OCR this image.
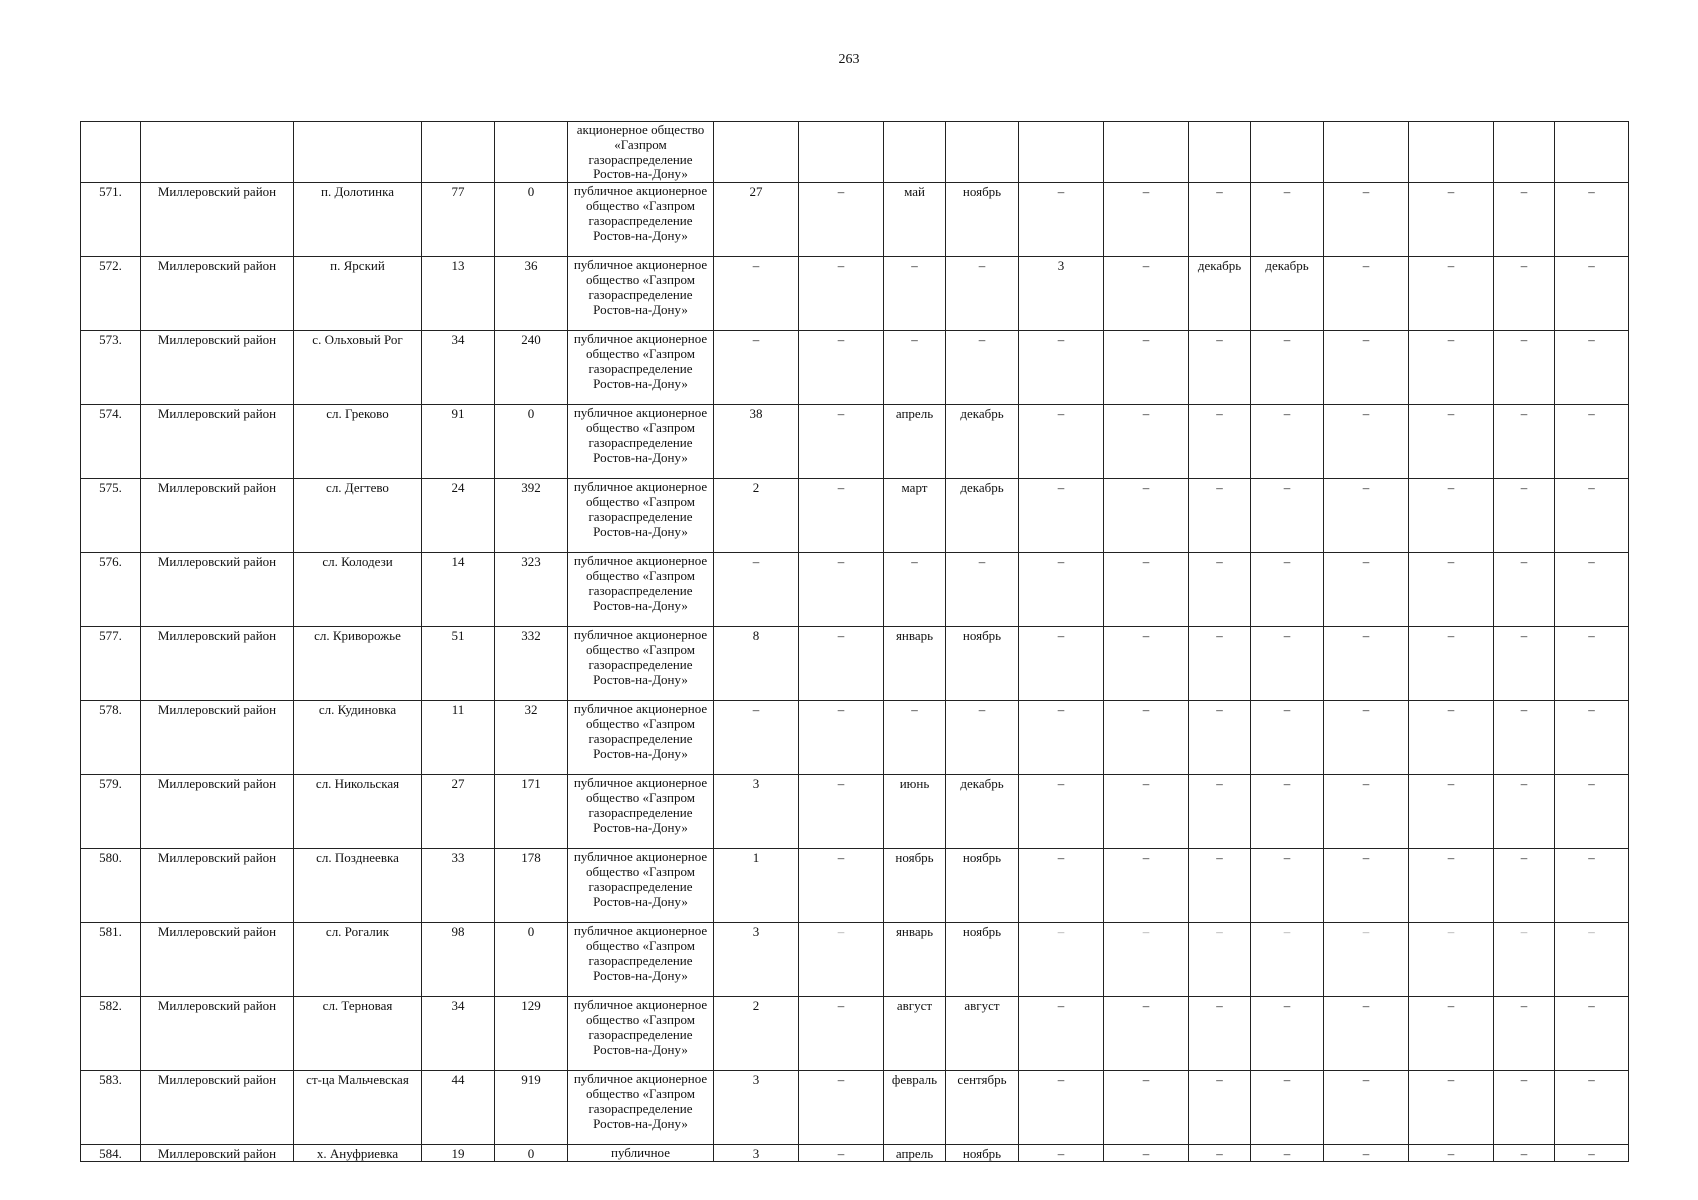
263
					акционерное общество «Газпром газораспределение Ростов-на-Дону»												
571.	Миллеровский район	п. Долотинка	77	0	публичное акционерное общество «Газпром газораспределение Ростов-на-Дону»	27	–	май	ноябрь	–	–	–	–	–	–	–	–
572.	Миллеровский район	п. Ярский	13	36	публичное акционерное общество «Газпром газораспределение Ростов-на-Дону»	–	–	–	–	3	–	декабрь	декабрь	–	–	–	–
573.	Миллеровский район	с. Ольховый Рог	34	240	публичное акционерное общество «Газпром газораспределение Ростов-на-Дону»	–	–	–	–	–	–	–	–	–	–	–	–
574.	Миллеровский район	сл. Греково	91	0	публичное акционерное общество «Газпром газораспределение Ростов-на-Дону»	38	–	апрель	декабрь	–	–	–	–	–	–	–	–
575.	Миллеровский район	сл. Дегтево	24	392	публичное акционерное общество «Газпром газораспределение Ростов-на-Дону»	2	–	март	декабрь	–	–	–	–	–	–	–	–
576.	Миллеровский район	сл. Колодези	14	323	публичное акционерное общество «Газпром газораспределение Ростов-на-Дону»	–	–	–	–	–	–	–	–	–	–	–	–
577.	Миллеровский район	сл. Криворожье	51	332	публичное акционерное общество «Газпром газораспределение Ростов-на-Дону»	8	–	январь	ноябрь	–	–	–	–	–	–	–	–
578.	Миллеровский район	сл. Кудиновка	11	32	публичное акционерное общество «Газпром газораспределение Ростов-на-Дону»	–	–	–	–	–	–	–	–	–	–	–	–
579.	Миллеровский район	сл. Никольская	27	171	публичное акционерное общество «Газпром газораспределение Ростов-на-Дону»	3	–	июнь	декабрь	–	–	–	–	–	–	–	–
580.	Миллеровский район	сл. Позднеевка	33	178	публичное акционерное общество «Газпром газораспределение Ростов-на-Дону»	1	–	ноябрь	ноябрь	–	–	–	–	–	–	–	–
581.	Миллеровский район	сл. Рогалик	98	0	публичное акционерное общество «Газпром газораспределение Ростов-на-Дону»	3	–	январь	ноябрь	–	–	–	–	–	–	–	–
582.	Миллеровский район	сл. Терновая	34	129	публичное акционерное общество «Газпром газораспределение Ростов-на-Дону»	2	–	август	август	–	–	–	–	–	–	–	–
583.	Миллеровский район	ст-ца Мальчевская	44	919	публичное акционерное общество «Газпром газораспределение Ростов-на-Дону»	3	–	февраль	сентябрь	–	–	–	–	–	–	–	–
584.	Миллеровский район	х. Ануфриевка	19	0	публичное	3	–	апрель	ноябрь	–	–	–	–	–	–	–	–
